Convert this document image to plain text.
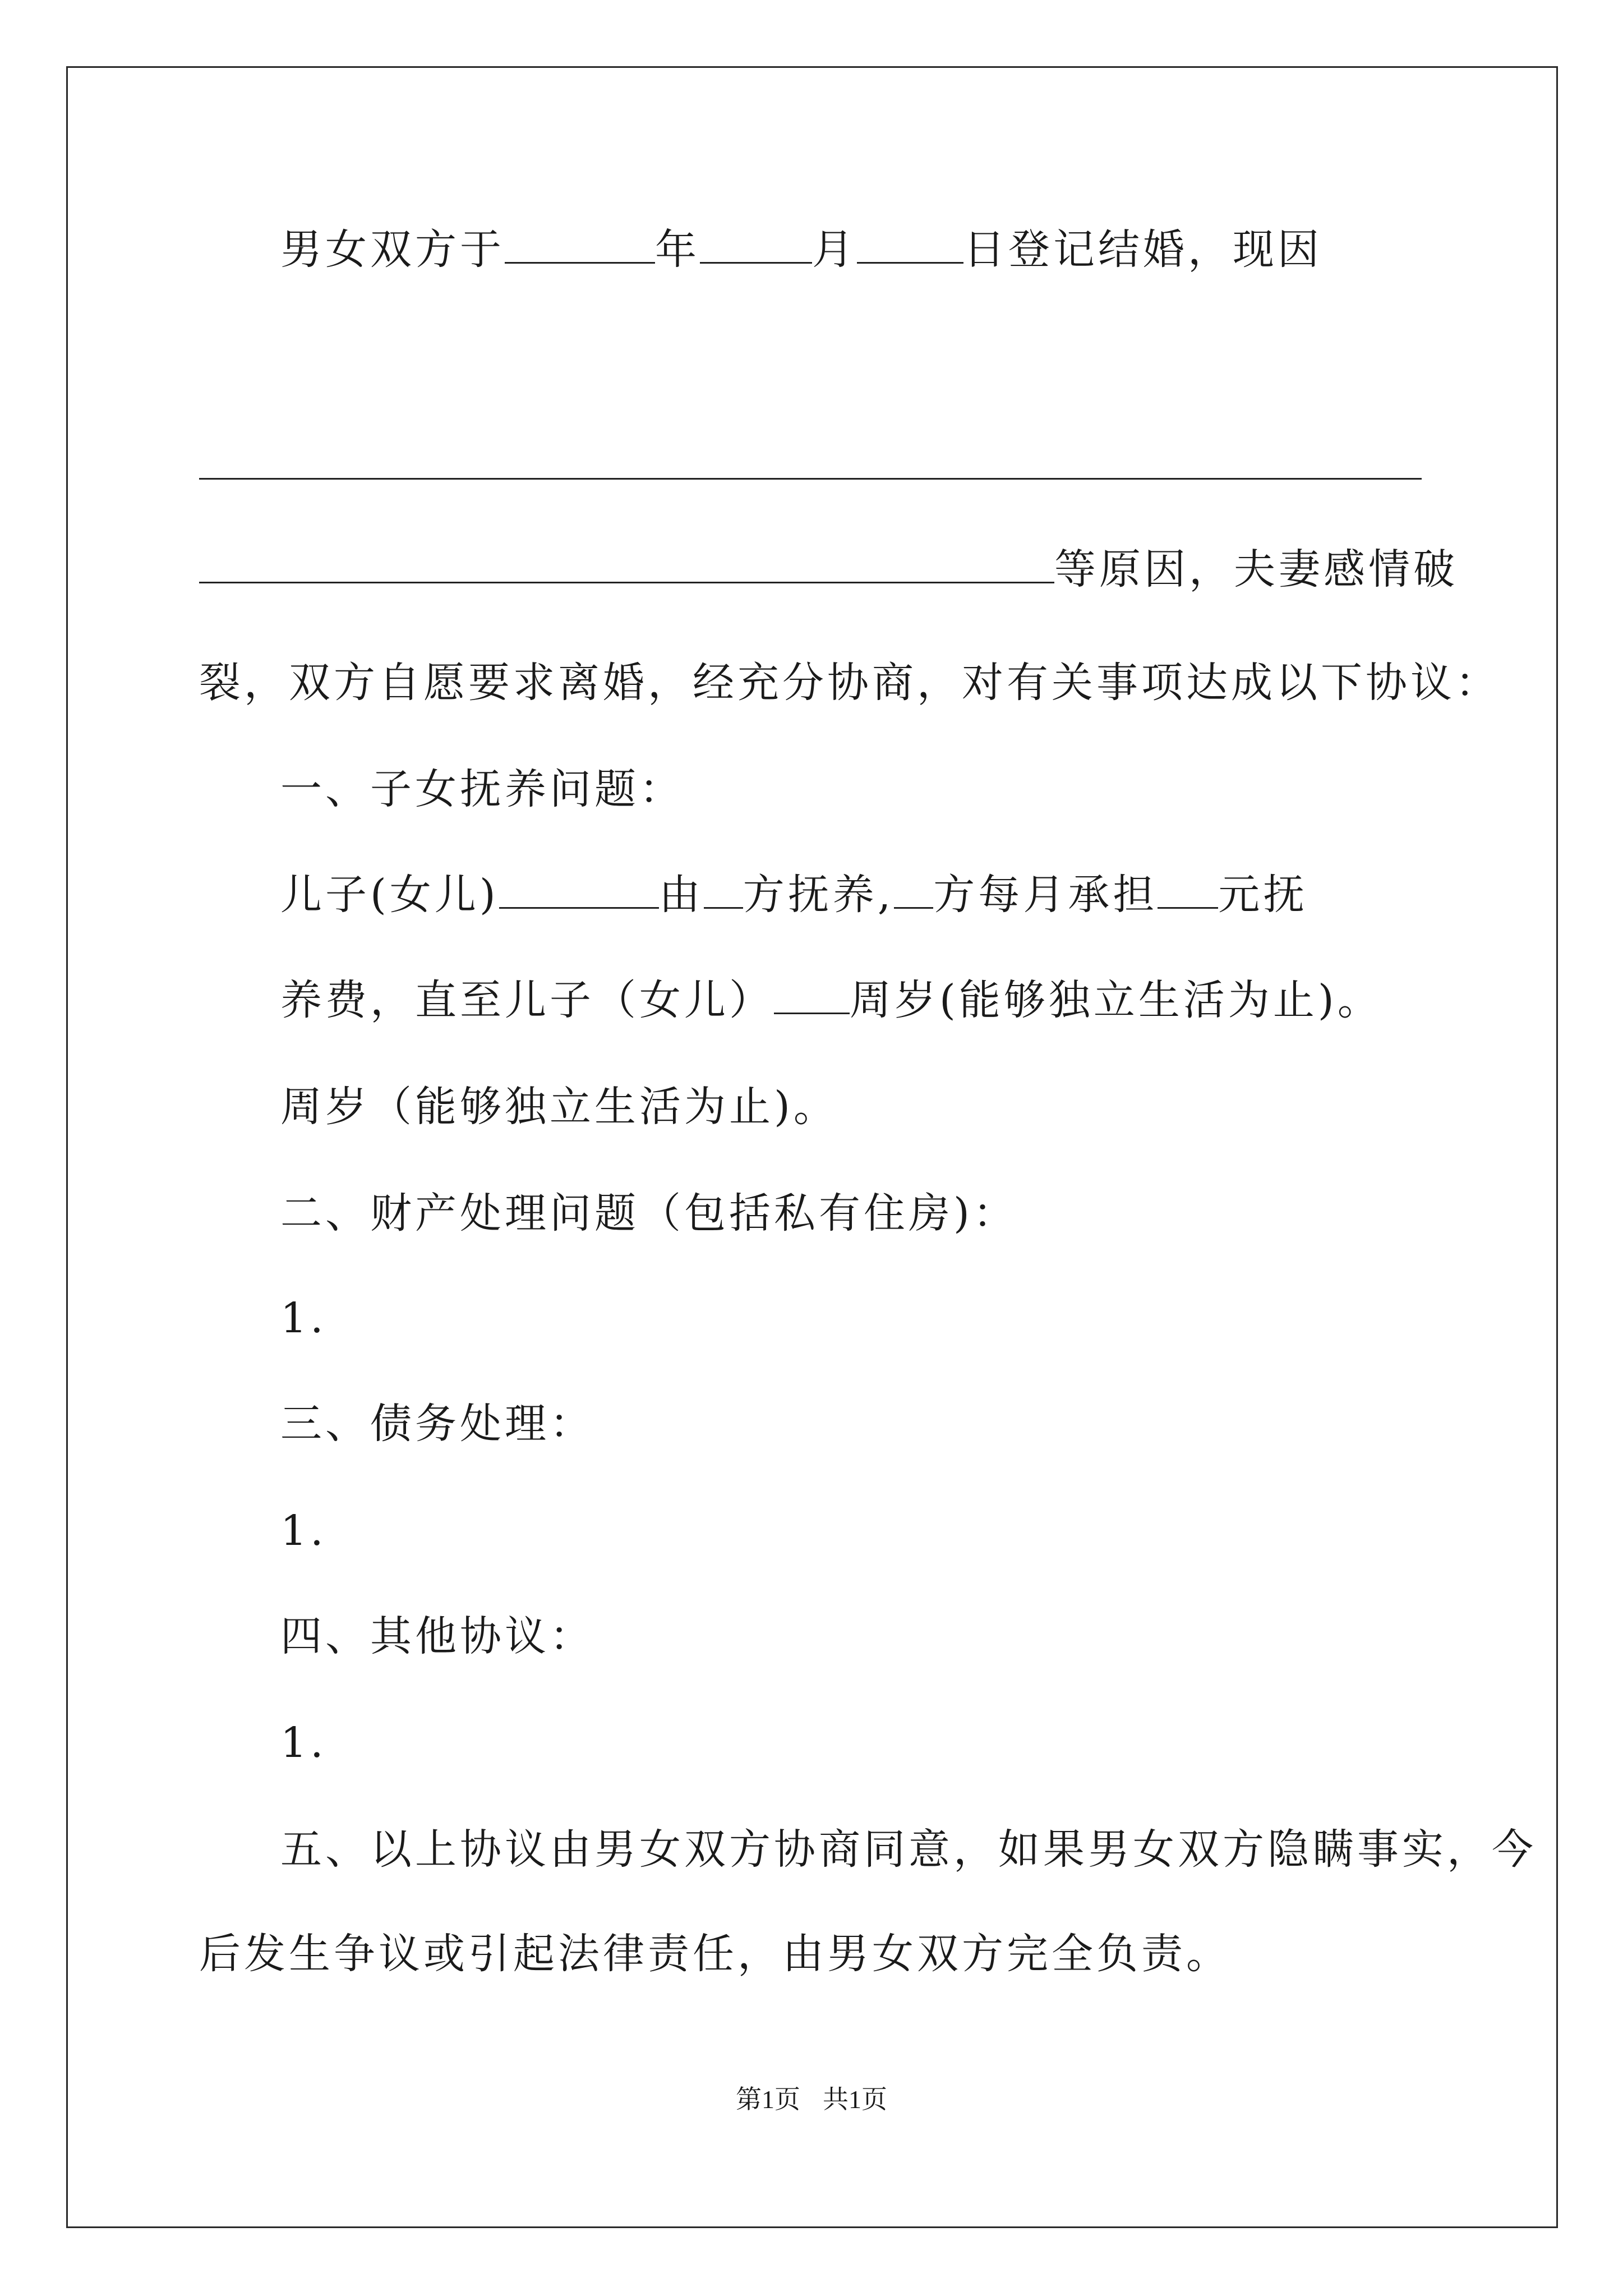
男女双方于	年	月	日登记结婚，现因
等原因，夫妻感情破
裂，双方自愿要求离婚，经充分协商，对有关事项达成以下协议：
一、子女抚养问题：
儿子(女儿)	由 方抚养, 方每月承担 元抚
养费，直至儿子（女儿） 周岁(能够独立生活为止)。
周岁（能够独立生活为止)。
二、财产处理问题（包括私有住房)：
1.
三、债务处理：
1.
四、其他协议：
1.
五、以上协议由男女双方协商同意，如果男女双方隐瞒事实，今
后发生争议或引起法律责任，由男女双方完全负责。
第1页 共1页
